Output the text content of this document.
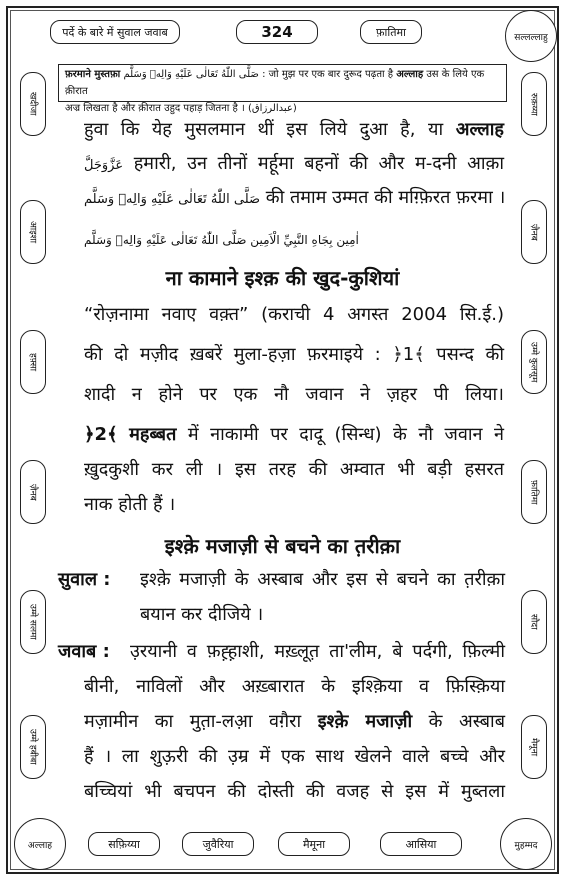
पर्दे के बारे में सुवाल जवाब	324	फ़ातिमा	सल्लल्लाहु
खदीजा
आइशा
हफ़्सा
ज़ैनब
उम्मे सलमा
उम्मे हबीबा
रुक़य्या
ज़ैनब
उम्मे कुलसूम
फ़ातिमा
सौदा
मैमूना
फ़रमाने मुस्तफ़ा صَلَّى اللّٰهُ تَعَالٰى عَلَيْهِ وَالِهٖ وَسَلَّم : जो मुझ पर एक बार दुरूद पढ़ता है अल्लाह उस के लिये एक क़ीरात
अज्र लिखता है और क़ीरात उहुद पहाड़ जितना है । (عبدالرزاق)
हुवा कि येह मुसलमान थीं इस लिये दुआ है, या अल्लाह
عَزَّوَجَلَّ हमारी, उन तीनों मर्हूमा बहनों की और म-दनी आक़ा
صَلَّى اللّٰهُ تَعَالٰى عَلَيْهِ وَالِهٖ وَسَلَّم की तमाम उम्मत की मग़्फ़िरत फ़रमा ।
اٰمِين بِجَاهِ النَّبِيِّ الْاَمِين صَلَّى اللّٰهُ تَعَالٰى عَلَيْهِ وَالِهٖ وَسَلَّم
ना कामाने इश्क़ की खुद-कुशियां
“रोज़नामा नवाए वक़्त” (कराची 4 अगस्त 2004 सि.ई.)
की दो मज़ीद ख़बरें मुला-हज़ा फ़रमाइये : ﴿1﴾ पसन्द की
शादी न होने पर एक नौ जवान ने ज़हर पी लिया।
﴿2﴾ महब्बत में नाकामी पर दादू (सिन्ध) के नौ जवान ने
ख़ुदकुशी कर ली । इस तरह की अम्वात भी बड़ी हसरत
नाक होती हैं ।
इश्क़े मजाज़ी से बचने का त़रीक़ा
सुवाल : इश्क़े मजाज़ी के अस्बाब और इस से बचने का त़रीक़ा
बयान कर दीजिये ।
जवाब : उ़रयानी व फ़ह़्ह़ाशी, मख़्लूत़ ता'लीम, बे पर्दगी, फ़िल्मी
बीनी, नाविलों और अख़्बारात के इश्क़िया व फ़िस्क़िया
मज़ामीन का मुत़ा-लआ़ वग़ैरा इश्क़े मजाज़ी के अस्बाब
हैं । ला शुऊ़री की उ़म्र में एक साथ खेलने वाले बच्चे और
बच्चियां भी बचपन की दोस्ती की वजह से इस में मुब्तला
अल्लाह	सफ़िय्या	जुवैरिया	मैमूना	आसिया	मुहम्मद
